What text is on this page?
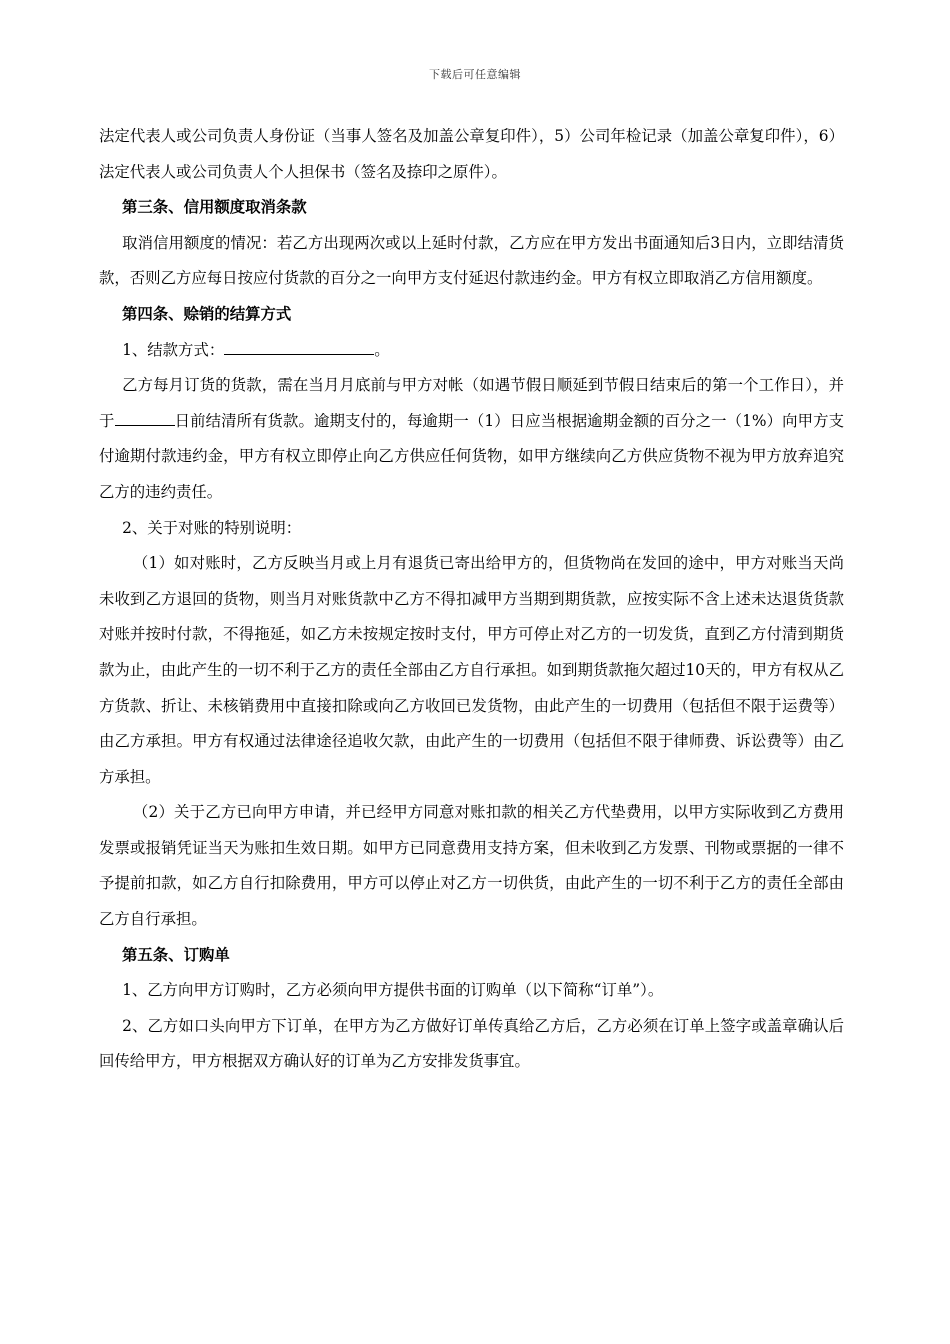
下载后可任意编辑

法定代表人或公司负责人身份证（当事人签名及加盖公章复印件），5）公司年检记录（加盖公章复印件），6）法定代表人或公司负责人个人担保书（签名及捺印之原件）。

第三条、信用额度取消条款

取消信用额度的情况：若乙方出现两次或以上延时付款，乙方应在甲方发出书面通知后3日内，立即结清货款，否则乙方应每日按应付货款的百分之一向甲方支付延迟付款违约金。甲方有权立即取消乙方信用额度。

第四条、赊销的结算方式

1、结款方式：	。

乙方每月订货的货款，需在当月月底前与甲方对帐（如遇节假日顺延到节假日结束后的第一个工作日），并于	日前结清所有货款。逾期支付的，每逾期一（1）日应当根据逾期金额的百分之一（1%）向甲方支付逾期付款违约金，甲方有权立即停止向乙方供应任何货物，如甲方继续向乙方供应货物不视为甲方放弃追究乙方的违约责任。

2、关于对账的特别说明：

（1）如对账时，乙方反映当月或上月有退货已寄出给甲方的，但货物尚在发回的途中，甲方对账当天尚未收到乙方退回的货物，则当月对账货款中乙方不得扣减甲方当期到期货款，应按实际不含上述未达退货货款对账并按时付款，不得拖延，如乙方未按规定按时支付，甲方可停止对乙方的一切发货，直到乙方付清到期货款为止，由此产生的一切不利于乙方的责任全部由乙方自行承担。如到期货款拖欠超过10天的，甲方有权从乙方货款、折让、未核销费用中直接扣除或向乙方收回已发货物，由此产生的一切费用（包括但不限于运费等）由乙方承担。甲方有权通过法律途径追收欠款，由此产生的一切费用（包括但不限于律师费、诉讼费等）由乙方承担。

（2）关于乙方已向甲方申请，并已经甲方同意对账扣款的相关乙方代垫费用，以甲方实际收到乙方费用发票或报销凭证当天为账扣生效日期。如甲方已同意费用支持方案，但未收到乙方发票、刊物或票据的一律不予提前扣款，如乙方自行扣除费用，甲方可以停止对乙方一切供货，由此产生的一切不利于乙方的责任全部由乙方自行承担。

第五条、订购单

1、乙方向甲方订购时，乙方必须向甲方提供书面的订购单（以下简称“订单”）。

2、乙方如口头向甲方下订单，在甲方为乙方做好订单传真给乙方后，乙方必须在订单上签字或盖章确认后回传给甲方，甲方根据双方确认好的订单为乙方安排发货事宜。
